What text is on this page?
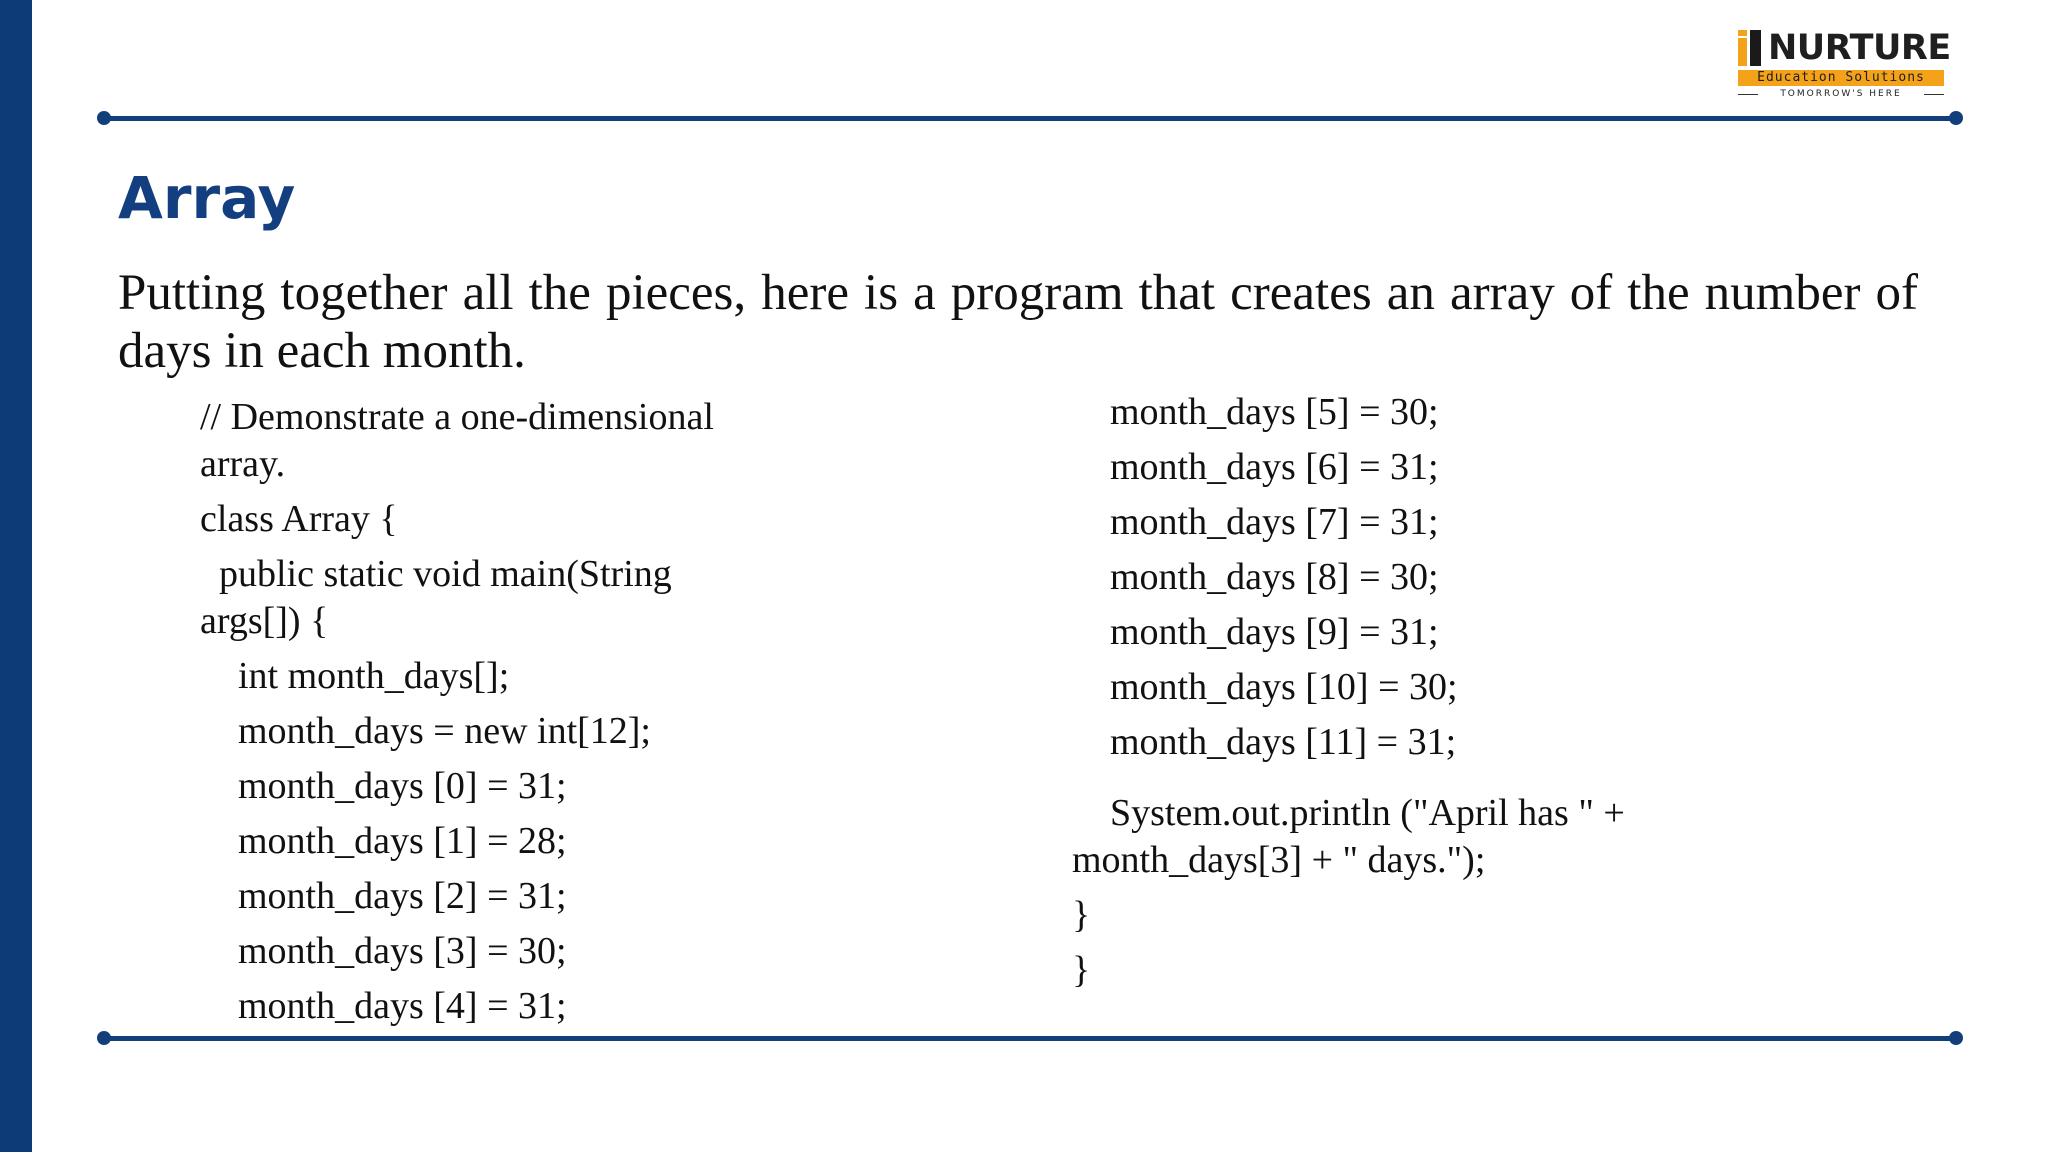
NURTURE
Education Solutions
TOMORROW'S HERE
Array

Putting together all the pieces, here is a program that creates an array of the number of days in each month.

// Demonstrate a one-dimensional
array.
class Array {
public static void main(String
args[]) {
int month_days[];
month_days = new int[12];
month_days [0] = 31;
month_days [1] = 28;
month_days [2] = 31;
month_days [3] = 30;
month_days [4] = 31;
month_days [5] = 30;
month_days [6] = 31;
month_days [7] = 31;
month_days [8] = 30;
month_days [9] = 31;
month_days [10] = 30;
month_days [11] = 31;
System.out.println ("April has " +
month_days[3] + " days.");
}
}
